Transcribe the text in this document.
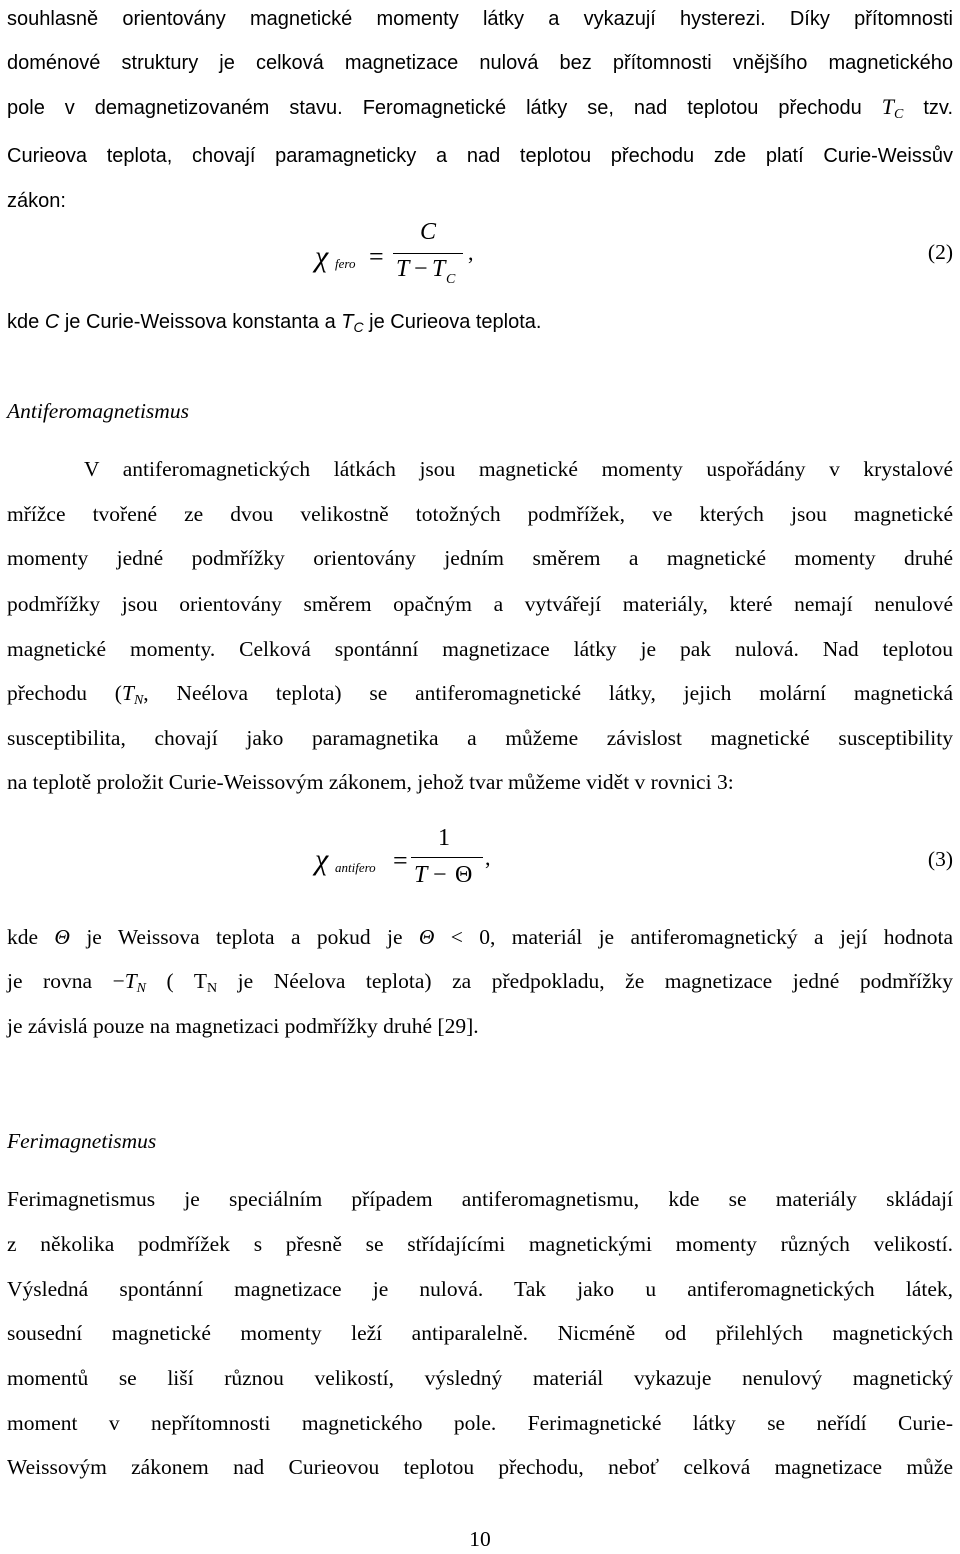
souhlasně orientovány magnetické momenty látky a vykazují hysterezi. Díky přítomnosti
doménové struktury je celková magnetizace nulová bez přítomnosti vnějšího magnetického
pole v demagnetizovaném stavu. Feromagnetické látky se, nad teplotou přechodu $T_C$ tzv.
Curieova teplota, chovají paramagneticky a nad teplotou přechodu zde platí Curie-Weissův
zákon:
χ fero =
C
T − T C
,	(2)
kde C je Curie-Weissova konstanta a $T_C$ je Curieova teplota.
Antiferomagnetismus
V antiferomagnetických látkách jsou magnetické momenty uspořádány v krystalové
mřížce tvořené ze dvou velikostně totožných podmřížek, ve kterých jsou magnetické
momenty jedné podmřížky orientovány jedním směrem a magnetické momenty druhé
podmřížky jsou orientovány směrem opačným a vytvářejí materiály, které nemají nenulové
magnetické momenty. Celková spontánní magnetizace látky je pak nulová. Nad teplotou
přechodu ($T_N$, Neélova teplota) se antiferomagnetické látky, jejich molární magnetická
susceptibilita, chovají jako paramagnetika a můžeme závislost magnetické susceptibility
na teplotě proložit Curie-Weissovým zákonem, jehož tvar můžeme vidět v rovnici 3:
χ antifero =
1
T − Θ
,	(3)
kde Θ je Weissova teplota a pokud je Θ < 0, materiál je antiferomagnetický a její hodnota
je rovna $-T_N$ ( $T_N$ je Néelova teplota) za předpokladu, že magnetizace jedné podmřížky
je závislá pouze na magnetizaci podmřížky druhé [29].
Ferimagnetismus
Ferimagnetismus je speciálním případem antiferomagnetismu, kde se materiály skládají
z několika podmřížek s přesně se střídajícími magnetickými momenty různých velikostí.
Výsledná spontánní magnetizace je nulová. Tak jako u antiferomagnetických látek,
sousední magnetické momenty leží antiparalelně. Nicméně od přilehlých magnetických
momentů se liší různou velikostí, výsledný materiál vykazuje nenulový magnetický
moment v nepřítomnosti magnetického pole. Ferimagnetické látky se neřídí Curie-
Weissovým zákonem nad Curieovou teplotou přechodu, neboť celková magnetizace může
10
